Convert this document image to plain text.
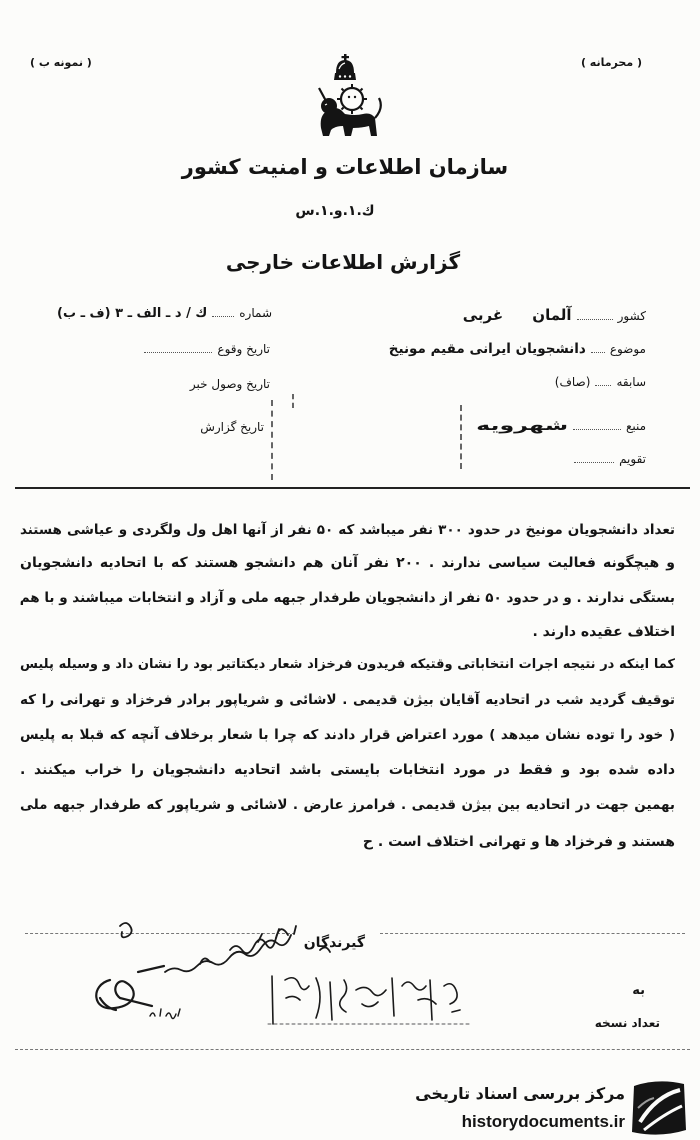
( محرمانه )
( نمونه ب )
سازمان اطلاعات و امنیت کشور
ك.۱.و.۱.س
گزارش اطلاعات خارجی
کشور
آلمان غربی
موضوع
دانشجویان ایرانی مقیم مونیخ
سابقه
(صاف)
منبع
شهرویه
تقویم
شماره
ك / د ـ الف ـ ۳ (ف ـ ب)
تاریخ وقوع
تاریخ وصول خبر
تاریخ گزارش
تعداد دانشجویان مونیخ در حدود ۳۰۰ نفر میباشد که ۵۰ نفر از آنها اهل ول ولگردی و عیاشی هستند
و هیچگونه فعالیت سیاسی ندارند . ۲۰۰ نفر آنان هم دانشجو هستند که با اتحادیه دانشجویان
بستگی ندارند . و در حدود ۵۰ نفر از دانشجویان طرفدار جبهه ملی و آزاد و انتخابات میباشند و با هم
اختلاف عقیده دارند .
کما اینکه در نتیجه اجرات انتخاباتی وقتیکه فریدون فرخزاد شعار دیکتاتیر بود را نشان داد و وسیله پلیس
توقیف گردید شب در اتحادیه آقایان بیژن قدیمی . لاشائی و شریاپور برادر فرخزاد و تهرانی را که
( خود را توده نشان میدهد ) مورد اعتراض قرار دادند که چرا با شعار برخلاف آنچه که قبلا به پلیس
داده شده بود و فقط در مورد انتخابات بایستی باشد اتحادیه دانشجویان را خراب میکنند .
بهمین جهت در اتحادیه بین بیژن قدیمی . فرامرز عارض . لاشائی و شریاپور که طرفدار جبهه ملی
هستند و فرخزاد ها و تهرانی اختلاف است . ح
گیرندگان
به
تعداد نسخه
مرکز بررسی اسناد تاریخی
historydocuments.ir
